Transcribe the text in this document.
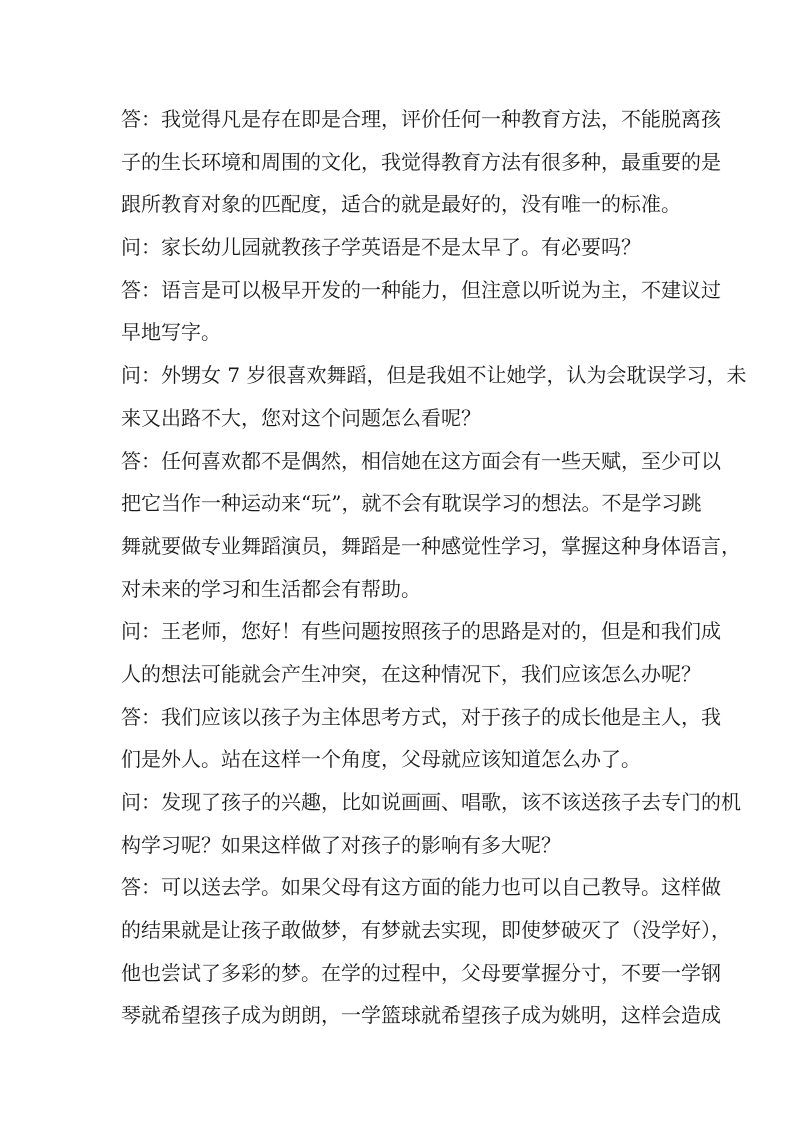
答：我觉得凡是存在即是合理，评价任何一种教育方法，不能脱离孩
子的生长环境和周围的文化，我觉得教育方法有很多种，最重要的是
跟所教育对象的匹配度，适合的就是最好的，没有唯一的标准。
问：家长幼儿园就教孩子学英语是不是太早了。有必要吗？
答：语言是可以极早开发的一种能力，但注意以听说为主，不建议过
早地写字。
问：外甥女 7 岁很喜欢舞蹈，但是我姐不让她学，认为会耽误学习，未
来又出路不大，您对这个问题怎么看呢？
答：任何喜欢都不是偶然，相信她在这方面会有一些天赋，至少可以
把它当作一种运动来“玩”，就不会有耽误学习的想法。不是学习跳
舞就要做专业舞蹈演员，舞蹈是一种感觉性学习，掌握这种身体语言，
对未来的学习和生活都会有帮助。
问：王老师，您好！有些问题按照孩子的思路是对的，但是和我们成
人的想法可能就会产生冲突，在这种情况下，我们应该怎么办呢？
答：我们应该以孩子为主体思考方式，对于孩子的成长他是主人，我
们是外人。站在这样一个角度，父母就应该知道怎么办了。
问：发现了孩子的兴趣，比如说画画、唱歌，该不该送孩子去专门的机
构学习呢？如果这样做了对孩子的影响有多大呢？
答：可以送去学。如果父母有这方面的能力也可以自己教导。这样做
的结果就是让孩子敢做梦，有梦就去实现，即使梦破灭了（没学好），
他也尝试了多彩的梦。在学的过程中，父母要掌握分寸，不要一学钢
琴就希望孩子成为朗朗，一学篮球就希望孩子成为姚明，这样会造成
